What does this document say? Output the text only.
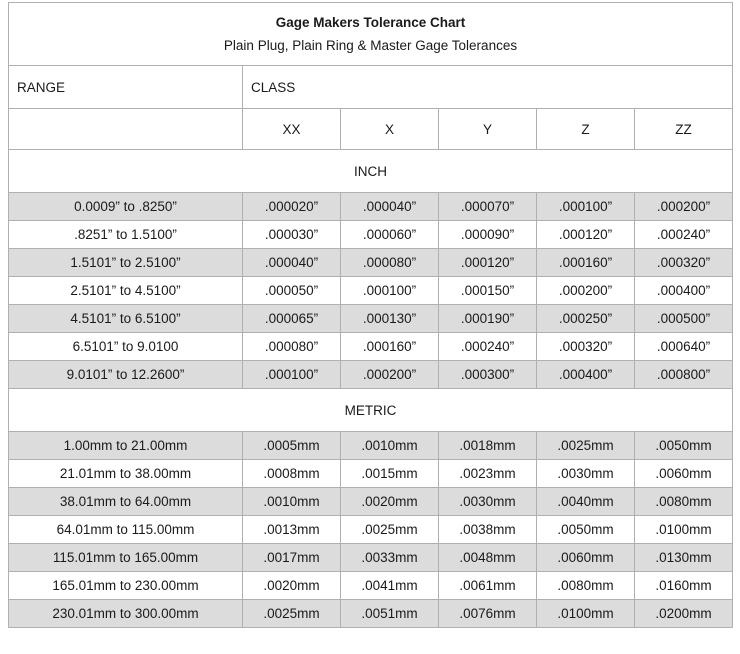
Gage Makers Tolerance Chart					
Plain Plug, Plain Ring & Master Gage Tolerances					
RANGE	CLASS				
	XX	X	Y	Z	ZZ
INCH					
0.0009” to .8250”	.000020”	.000040”	.000070”	.000100”	.000200”
.8251” to 1.5100”	.000030”	.000060”	.000090”	.000120”	.000240”
1.5101” to 2.5100”	.000040”	.000080”	.000120”	.000160”	.000320”
2.5101” to 4.5100”	.000050”	.000100”	.000150”	.000200”	.000400”
4.5101” to 6.5100”	.000065”	.000130”	.000190”	.000250”	.000500”
6.5101” to 9.0100	.000080”	.000160”	.000240”	.000320”	.000640”
9.0101” to 12.2600”	.000100”	.000200”	.000300”	.000400”	.000800”
METRIC					
1.00mm to 21.00mm	.0005mm	.0010mm	.0018mm	.0025mm	.0050mm
21.01mm to 38.00mm	.0008mm	.0015mm	.0023mm	.0030mm	.0060mm
38.01mm to 64.00mm	.0010mm	.0020mm	.0030mm	.0040mm	.0080mm
64.01mm to 115.00mm	.0013mm	.0025mm	.0038mm	.0050mm	.0100mm
115.01mm to 165.00mm	.0017mm	.0033mm	.0048mm	.0060mm	.0130mm
165.01mm to 230.00mm	.0020mm	.0041mm	.0061mm	.0080mm	.0160mm
230.01mm to 300.00mm	.0025mm	.0051mm	.0076mm	.0100mm	.0200mm
